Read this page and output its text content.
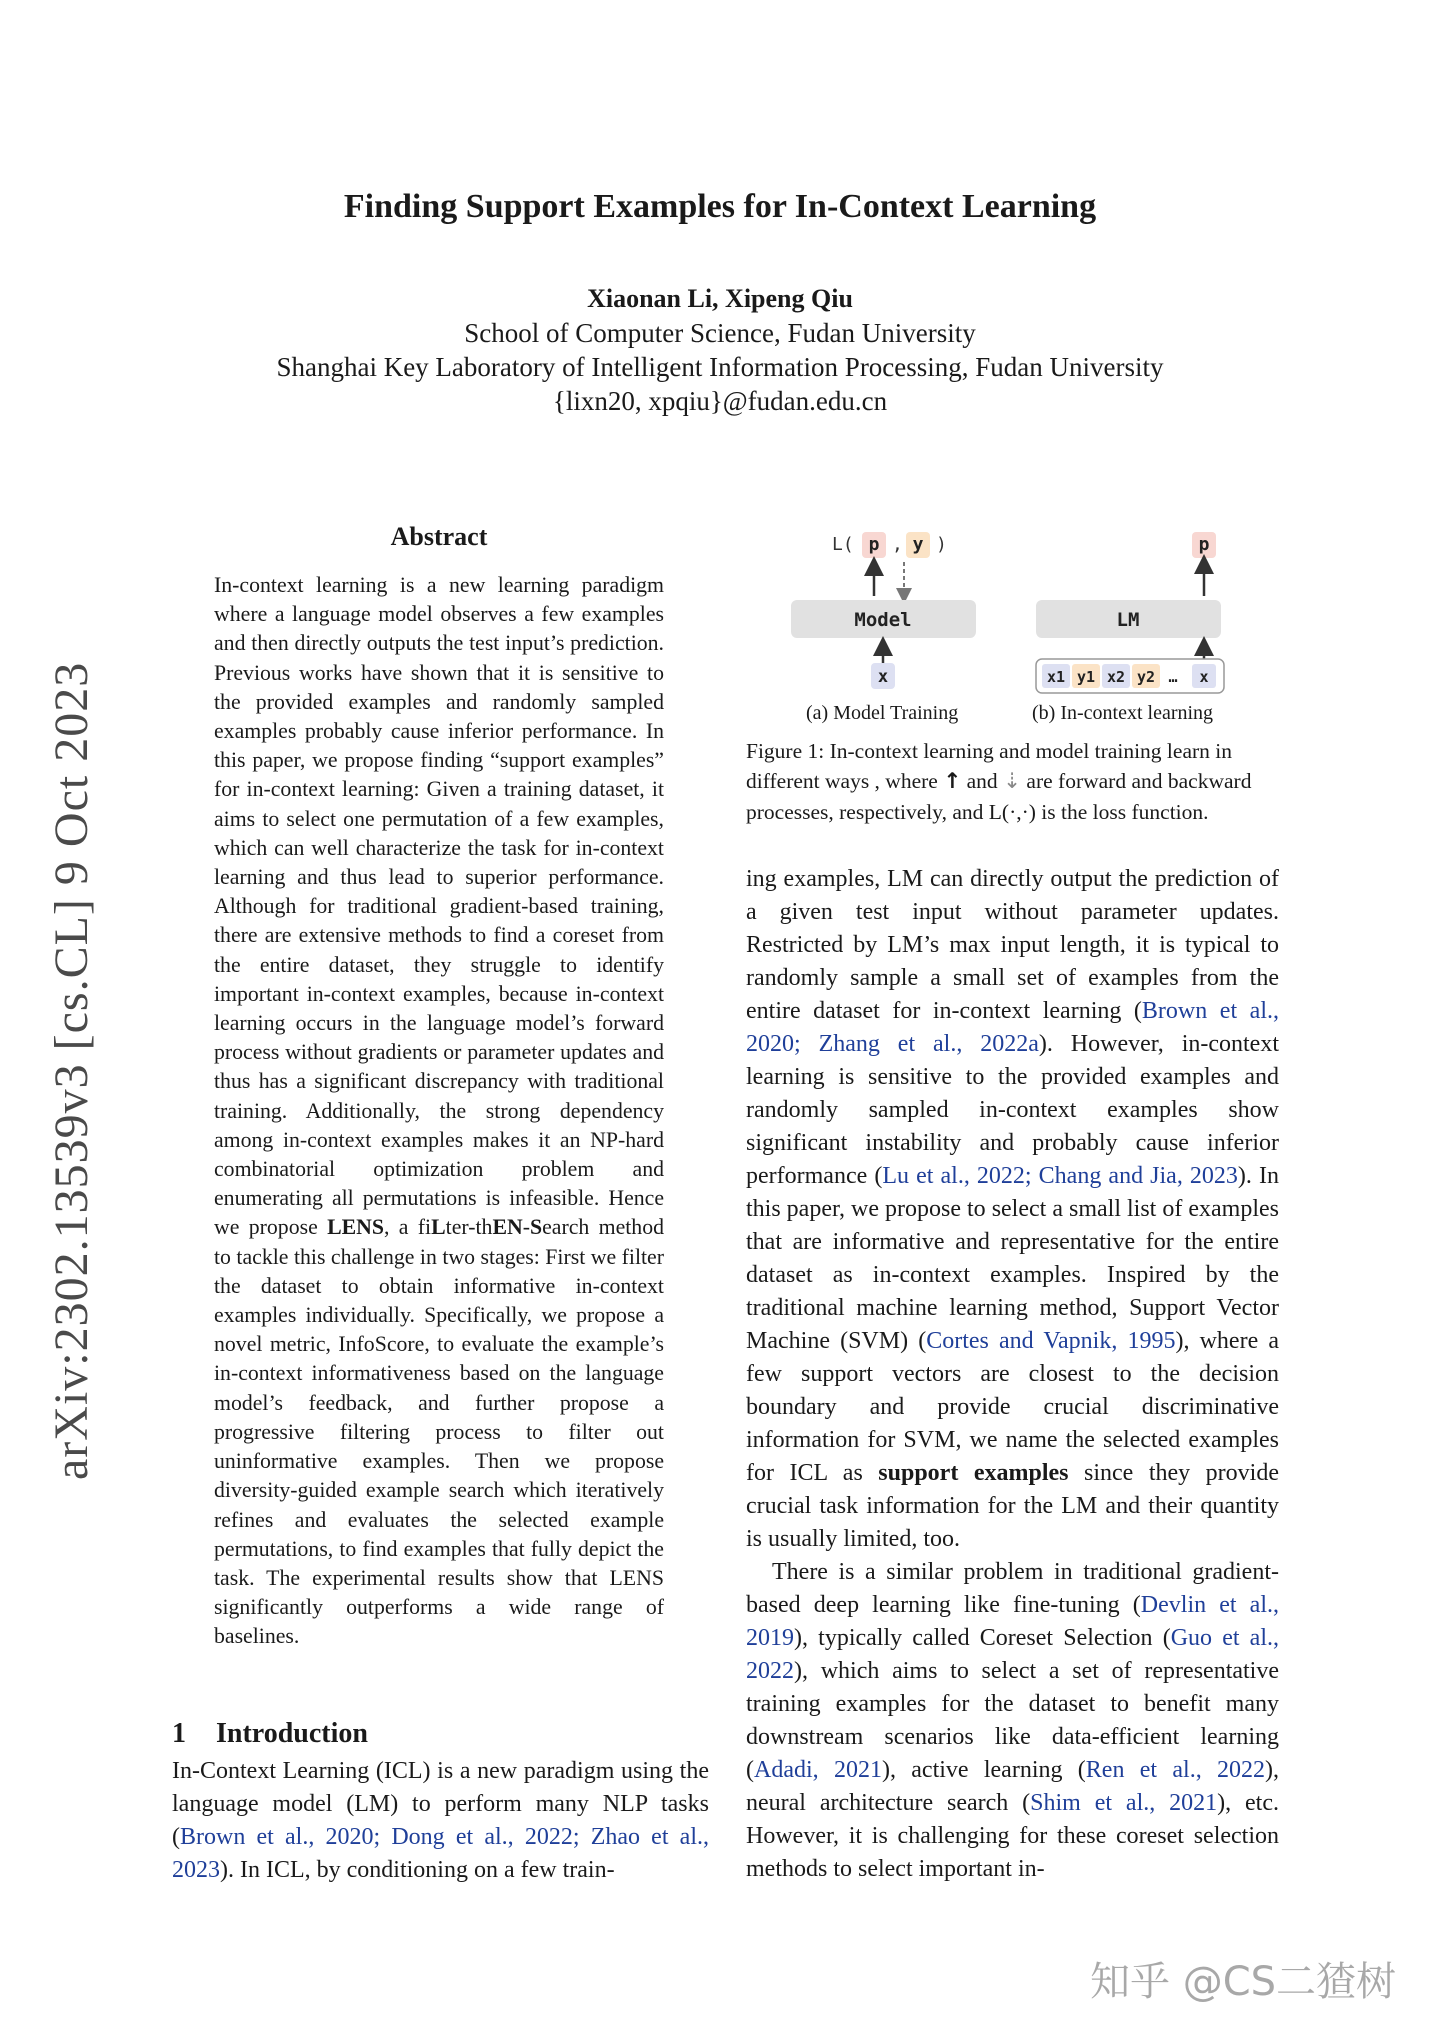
Finding Support Examples for In-Context Learning
Xiaonan Li, Xipeng Qiu
School of Computer Science, Fudan University
Shanghai Key Laboratory of Intelligent Information Processing, Fudan University
{lixn20, xpqiu}@fudan.edu.cn
arXiv:2302.13539v3 [cs.CL] 9 Oct 2023
Abstract
In-context learning is a new learning paradigm where a language model observes a few examples and then directly outputs the test input’s prediction. Previous works have shown that it is sensitive to the provided examples and randomly sampled examples probably cause inferior performance. In this paper, we propose finding “support examples” for in-context learning: Given a training dataset, it aims to select one permutation of a few examples, which can well characterize the task for in-context learning and thus lead to superior performance. Although for traditional gradient-based training, there are extensive methods to find a coreset from the entire dataset, they struggle to identify important in-context examples, because in-context learning occurs in the language model’s forward process without gradients or parameter updates and thus has a significant discrepancy with traditional training. Additionally, the strong dependency among in-context examples makes it an NP-hard combinatorial optimization problem and enumerating all permutations is infeasible. Hence we propose LENS, a fiLter-thEN-Search method to tackle this challenge in two stages: First we filter the dataset to obtain informative in-context examples individually. Specifically, we propose a novel metric, InfoScore, to evaluate the example’s in-context informativeness based on the language model’s feedback, and further propose a progressive filtering process to filter out uninformative examples. Then we propose diversity-guided example search which iteratively refines and evaluates the selected example permutations, to find examples that fully depict the task. The experimental results show that LENS significantly outperforms a wide range of baselines.
1 Introduction
In-Context Learning (ICL) is a new paradigm using the language model (LM) to perform many NLP tasks (Brown et al., 2020; Dong et al., 2022; Zhao et al., 2023). In ICL, by conditioning on a few train-
L( p , y )
Model
x
p
LM
x1 y1 x2 y2 … x
(a) Model Training	(b) In-context learning
Figure 1: In-context learning and model training learn in different ways , where ↑ and ⇣ are forward and backward processes, respectively, and L(·,·) is the loss function.

ing examples, LM can directly output the prediction of a given test input without parameter updates. Restricted by LM’s max input length, it is typical to randomly sample a small set of examples from the entire dataset for in-context learning (Brown et al., 2020; Zhang et al., 2022a). However, in-context learning is sensitive to the provided examples and randomly sampled in-context examples show significant instability and probably cause inferior performance (Lu et al., 2022; Chang and Jia, 2023). In this paper, we propose to select a small list of examples that are informative and representative for the entire dataset as in-context examples. Inspired by the traditional machine learning method, Support Vector Machine (SVM) (Cortes and Vapnik, 1995), where a few support vectors are closest to the decision boundary and provide crucial discriminative information for SVM, we name the selected examples for ICL as support examples since they provide crucial task information for the LM and their quantity is usually limited, too.

There is a similar problem in traditional gradient-based deep learning like fine-tuning (Devlin et al., 2019), typically called Coreset Selection (Guo et al., 2022), which aims to select a set of representative training examples for the dataset to benefit many downstream scenarios like data-efficient learning (Adadi, 2021), active learning (Ren et al., 2022), neural architecture search (Shim et al., 2021), etc. However, it is challenging for these coreset selection methods to select important in-

知乎 @CS二猹树
